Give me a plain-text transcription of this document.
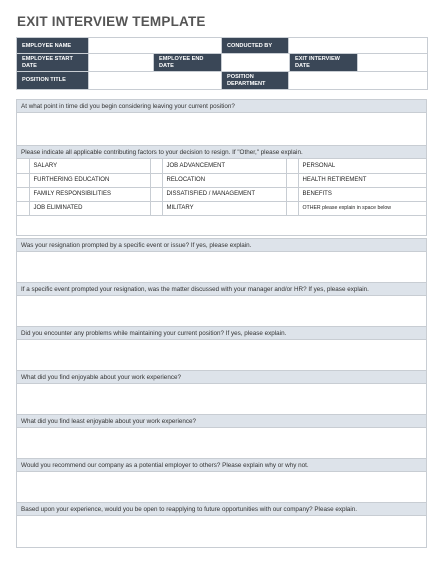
EXIT INTERVIEW TEMPLATE
EMPLOYEE NAME		CONDUCTED BY	
EMPLOYEE START DATE		EMPLOYEE END DATE		EXIT INTERVIEW DATE	
POSITION TITLE		POSITION DEPARTMENT	
At what point in time did you begin considering leaving your current position?
Please indicate all applicable contributing factors to your decision to resign. If "Other," please explain.
	SALARY		JOB ADVANCEMENT		PERSONAL
	FURTHERING EDUCATION		RELOCATION		HEALTH RETIREMENT
	FAMILY RESPONSIBILITIES		DISSATISFIED / MANAGEMENT		BENEFITS
	JOB ELIMINATED		MILITARY		OTHER please explain in space below
Was your resignation prompted by a specific event or issue? If yes, please explain.
If a specific event prompted your resignation, was the matter discussed with your manager and/or HR? If yes, please explain.
Did you encounter any problems while maintaining your current position? If yes, please explain.
What did you find enjoyable about your work experience?
What did you find least enjoyable about your work experience?
Would you recommend our company as a potential employer to others? Please explain why or why not.
Based upon your experience, would you be open to reapplying to future opportunities with our company? Please explain.
